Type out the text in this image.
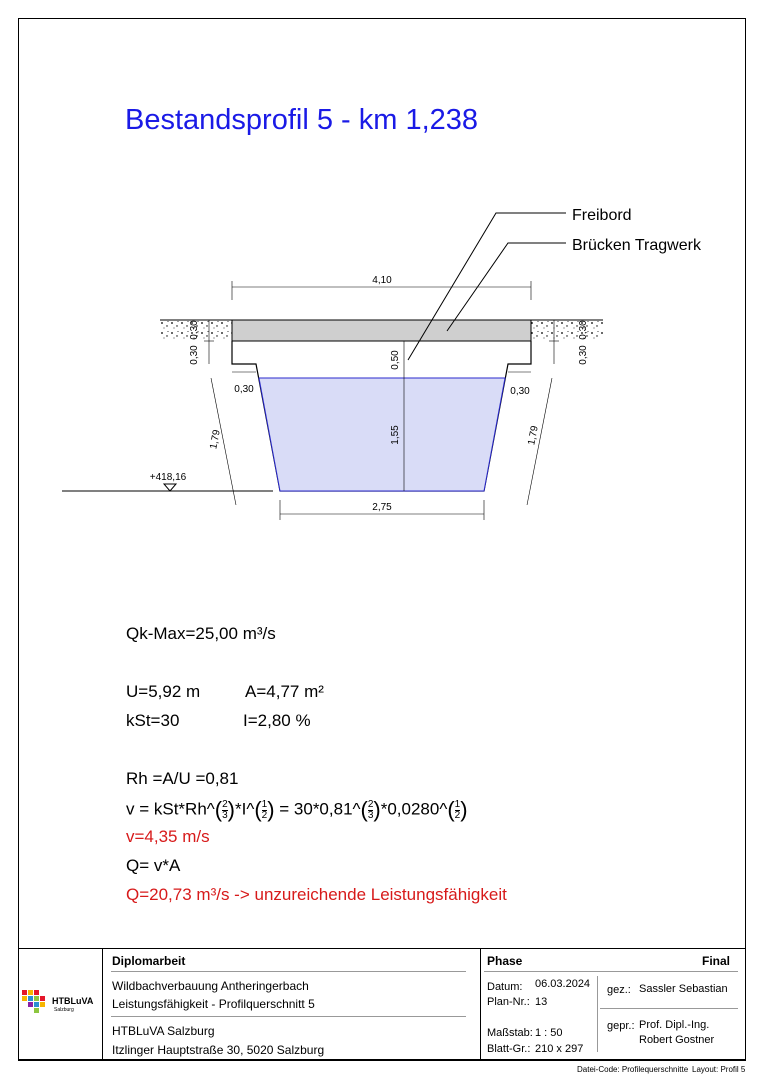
Bestandsprofil 5 - km 1,238
Freibord
Brücken Tragwerk
4,10
2,75
0,50
1,55
1,79	1,79
0,30	0,30
0,30
0,30
0,30
0,30
+418,16
Qk-Max=25,00 m³/s
U=5,92 m	A=4,77 m²
kSt=30	I=2,80 %
Rh =A/U =0,81
v = kSt*Rh^( $\frac{2}{3}$ )*I^( $\frac{1}{2}$ ) = 30*0,81^( $\frac{2}{3}$ )*0,0280^( $\frac{1}{2}$ )
v=4,35 m/s
Q= v*A
Q=20,73 m³/s -> unzureichende Leistungsfähigkeit
HTBLuVA
Salzburg
Diplomarbeit
Wildbachverbauung Antheringerbach
Leistungsfähigkeit - Profilquerschnitt 5
HTBLuVA Salzburg
Itzlinger Hauptstraße 30, 5020 Salzburg
Phase	Final
Datum: 06.03.2024
Plan-Nr.: 13
Maßstab: 1 : 50
Blatt-Gr.: 210 x 297
gez.: Sassler Sebastian
gepr.: Prof. Dipl.-Ing.
Robert Gostner
Datei-Code: Profilequerschnitte Layout: Profil 5
